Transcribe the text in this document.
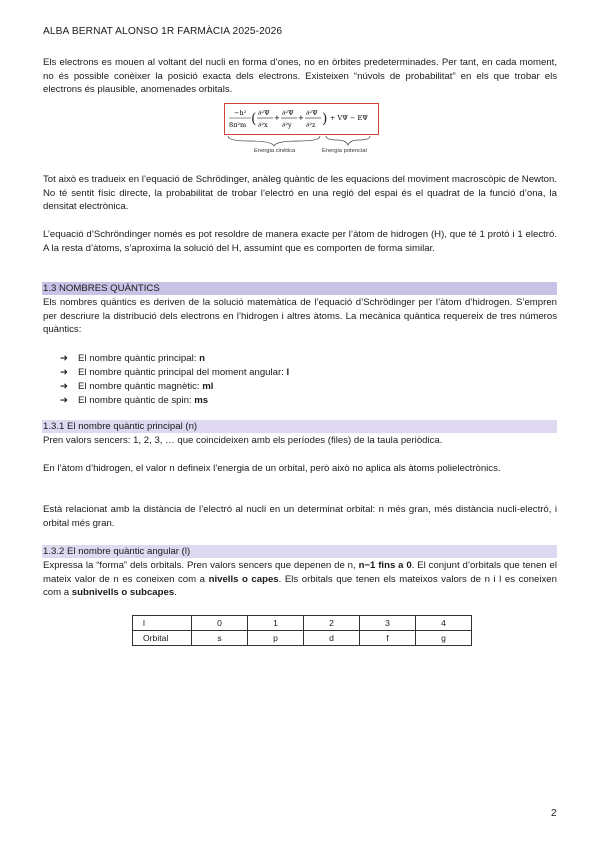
ALBA BERNAT ALONSO 1R FARMÀCIA 2025-2026

Els electrons es mouen al voltant del nucli en forma d’ones, no en òrbites predeterminades. Per tant, en cada moment, no és possible conèixer la posició exacta dels electrons. Existeixen “núvols de probabilitat” en els que trobar els electrons és plausible, anomenades orbitals.

−h²
8π²m ( ∂²Ψ
∂²x
+
∂²Ψ
∂²y
+
∂²Ψ
∂²z ) + VΨ − EΨ
Energia cinètica	Energia potencial

Tot això es tradueix en l’equació de Schrödinger, anàleg quàntic de les equacions del moviment macroscòpic de Newton. No té sentit físic directe, la probabilitat de trobar l’electró en una regió del espai és el quadrat de la funció d’ona, la densitat electrònica.

L’equació d’Schröndinger només es pot resoldre de manera exacte per l’àtom de hidrogen (H), que té 1 protó i 1 electró. A la resta d’àtoms, s’aproxima la solució del H, assumint que es comporten de forma similar.

1.3 NOMBRES QUÀNTICS

Els nombres quàntics es deriven de la solució matemàtica de l’equació d’Schrödinger per l’àtom d’hidrogen. S’empren per descriure la distribució dels electrons en l’hidrogen i altres àtoms. La mecànica quàntica requereix de tres números quàntics:

➔ El nombre quàntic principal: n
➔ El nombre quàntic principal del moment angular: l
➔ El nombre quàntic magnètic: ml
➔ El nombre quàntic de spin: ms
1.3.1 El nombre quàntic principal (n)

Pren valors sencers: 1, 2, 3, … que coincideixen amb els períodes (files) de la taula periòdica.

En l’àtom d’hidrogen, el valor n defineix l’energia de un orbital, però això no aplica als àtoms polielectrònics.

Està relacionat amb la distància de l’electró al nucli en un determinat orbital: n més gran, més distància nucli-electró, i orbital més gran.

1.3.2 El nombre quàntic angular (l)

Expressa la “forma” dels orbitals. Pren valors sencers que depenen de n, n−1 fins a 0. El conjunt d’orbitals que tenen el mateix valor de n es coneixen com a nivells o capes. Els orbitals que tenen els mateixos valors de n i l es coneixen com a subnivells o subcapes.

l	0	1	2	3	4
Orbital	s	p	d	f	g
2
